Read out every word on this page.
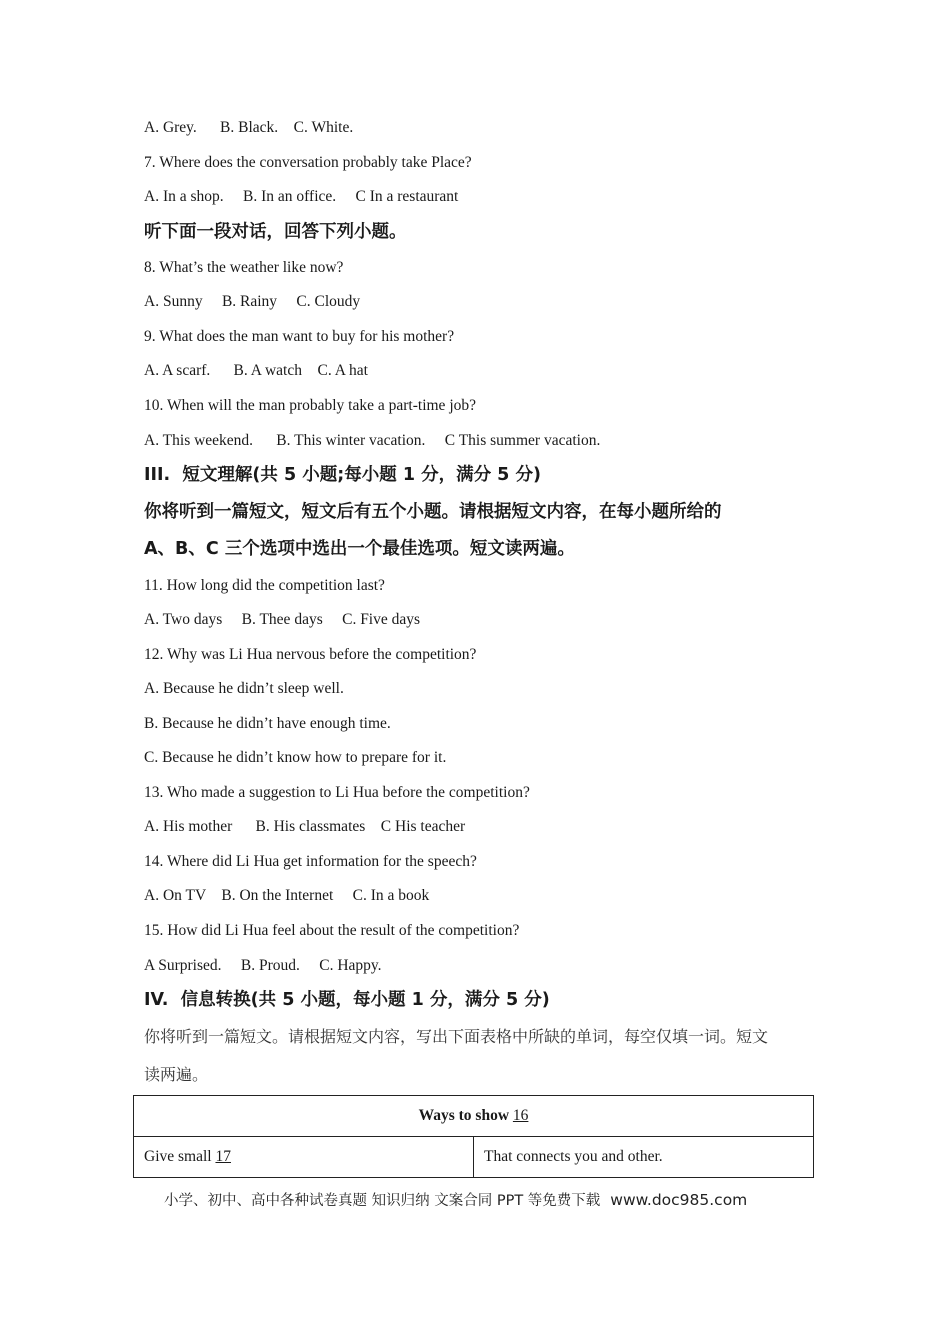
A. Grey.      B. Black.    C. White.
7. Where does the conversation probably take Place?
A. In a shop.     B. In an office.     C In a restaurant
听下面一段对话，回答下列小题。
8. What’s the weather like now?
A. Sunny     B. Rainy     C. Cloudy
9. What does the man want to buy for his mother?
A. A scarf.      B. A watch    C. A hat
10. When will the man probably take a part-time job?
A. This weekend.      B. This winter vacation.     C This summer vacation.
III.  短文理解(共 5 小题;每小题 1 分，满分 5 分)
你将听到一篇短文，短文后有五个小题。请根据短文内容，在每小题所给的
A、B、C 三个选项中选出一个最佳选项。短文读两遍。
11. How long did the competition last?
A. Two days     B. Thee days     C. Five days
12. Why was Li Hua nervous before the competition?
A. Because he didn’t sleep well.
B. Because he didn’t have enough time.
C. Because he didn’t know how to prepare for it.
13. Who made a suggestion to Li Hua before the competition?
A. His mother      B. His classmates    C His teacher
14. Where did Li Hua get information for the speech?
A. On TV    B. On the Internet     C. In a book
15. How did Li Hua feel about the result of the competition?
A Surprised.     B. Proud.     C. Happy.
IV.  信息转换(共 5 小题，每小题 1 分，满分 5 分)
你将听到一篇短文。请根据短文内容，写出下面表格中所缺的单词，每空仅填一词。短文
读两遍。
Ways to show 16
Give small 17	That connects you and other.
小学、初中、高中各种试卷真题 知识归纳 文案合同 PPT 等免费下载 www.doc985.com
